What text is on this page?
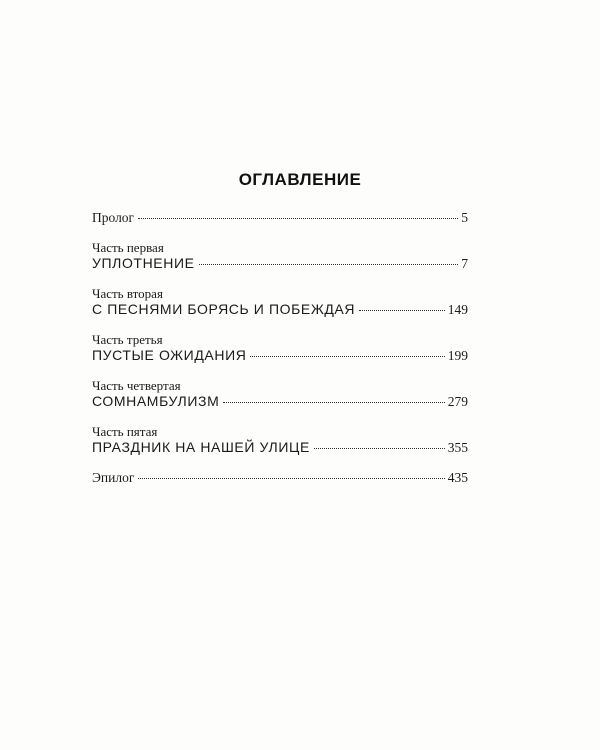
ОГЛАВЛЕНИЕ
Пролог	5
Часть первая
УПЛОТНЕНИЕ	7
Часть вторая
С ПЕСНЯМИ БОРЯСЬ И ПОБЕЖДАЯ	149
Часть третья
ПУСТЫЕ ОЖИДАНИЯ	199
Часть четвертая
СОМНАМБУЛИЗМ	279
Часть пятая
ПРАЗДНИК НА НАШЕЙ УЛИЦЕ	355
Эпилог	435
